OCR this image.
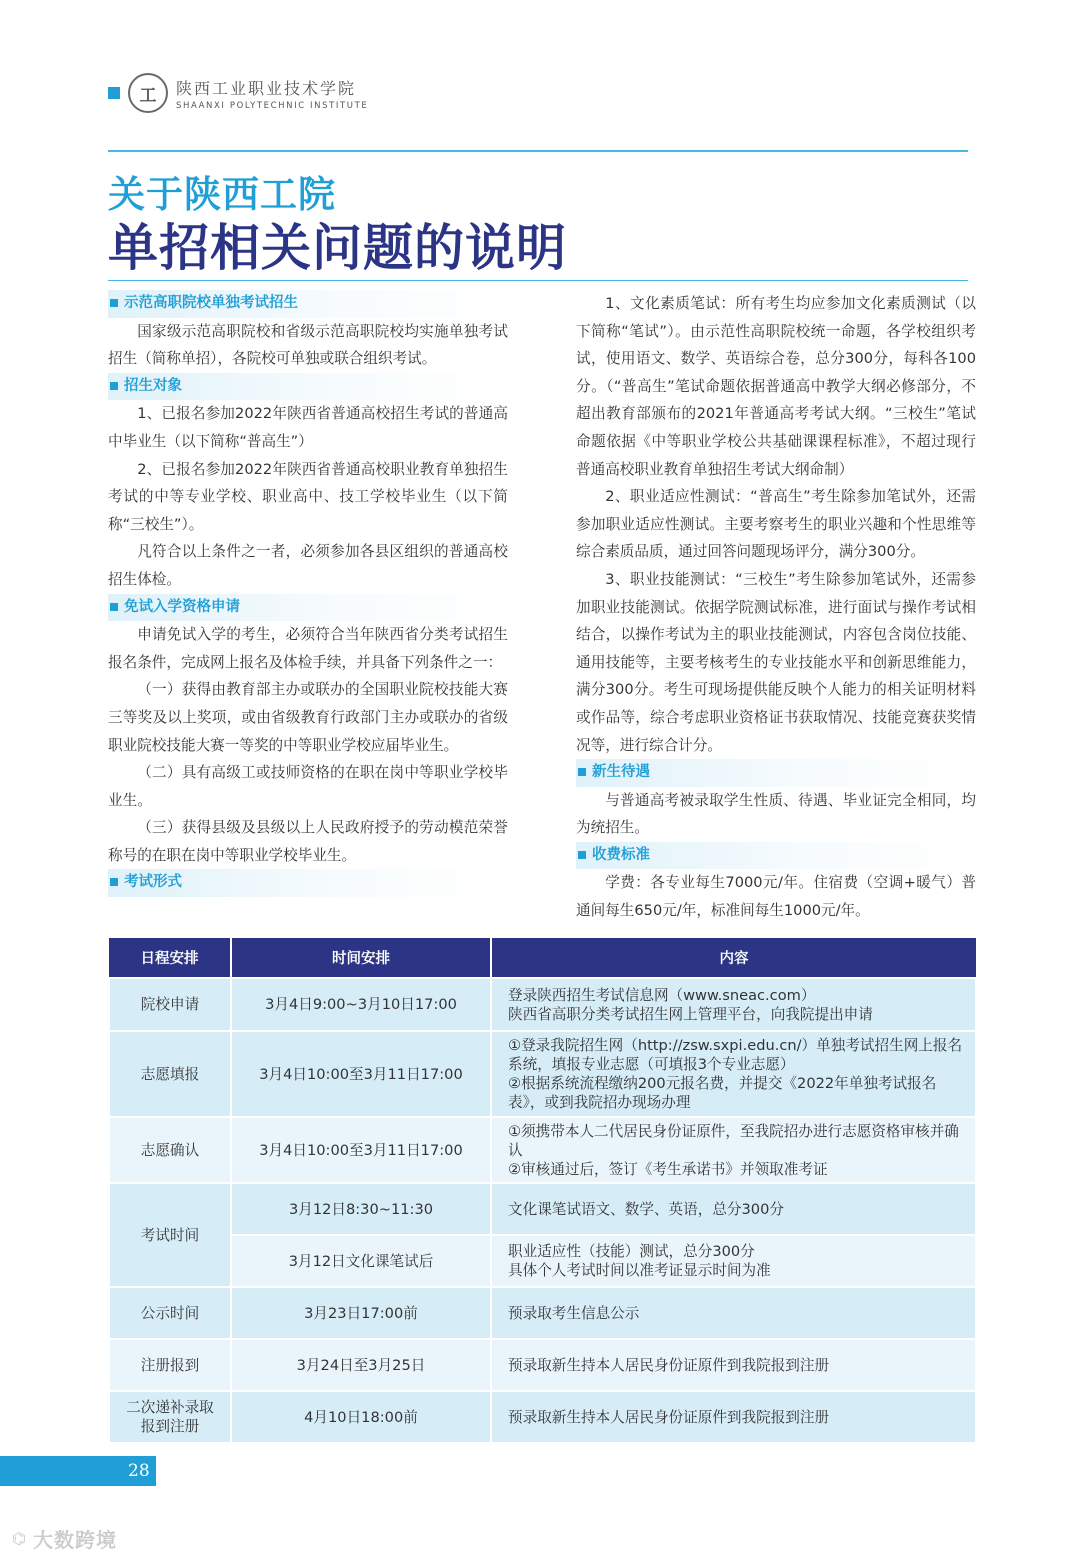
工 陕西工业职业技术学院
SHAANXI POLYTECHNIC INSTITUTE
关于陕西工院
单招相关问题的说明
示范高职院校单独考试招生

国家级示范高职院校和省级示范高职院校均实施单独考试招生（简称单招），各院校可单独或联合组织考试。

招生对象

1、已报名参加2022年陕西省普通高校招生考试的普通高中毕业生（以下简称“普高生”）

2、已报名参加2022年陕西省普通高校职业教育单独招生考试的中等专业学校、职业高中、技工学校毕业生（以下简称“三校生”）。

凡符合以上条件之一者，必须参加各县区组织的普通高校招生体检。

免试入学资格申请

申请免试入学的考生，必须符合当年陕西省分类考试招生报名条件，完成网上报名及体检手续，并具备下列条件之一：

（一）获得由教育部主办或联办的全国职业院校技能大赛三等奖及以上奖项，或由省级教育行政部门主办或联办的省级职业院校技能大赛一等奖的中等职业学校应届毕业生。

（二）具有高级工或技师资格的在职在岗中等职业学校毕业生。

（三）获得县级及县级以上人民政府授予的劳动模范荣誉称号的在职在岗中等职业学校毕业生。

考试形式

1、文化素质笔试：所有考生均应参加文化素质测试（以下简称“笔试”）。由示范性高职院校统一命题，各学校组织考试，使用语文、数学、英语综合卷，总分300分，每科各100分。（“普高生”笔试命题依据普通高中教学大纲必修部分，不超出教育部颁布的2021年普通高考考试大纲。“三校生”笔试命题依据《中等职业学校公共基础课课程标准》，不超过现行普通高校职业教育单独招生考试大纲命制）

2、职业适应性测试：“普高生”考生除参加笔试外，还需参加职业适应性测试。主要考察考生的职业兴趣和个性思维等综合素质品质，通过回答问题现场评分，满分300分。

3、职业技能测试：“三校生”考生除参加笔试外，还需参加职业技能测试。依据学院测试标准，进行面试与操作考试相结合，以操作考试为主的职业技能测试，内容包含岗位技能、通用技能等，主要考核考生的专业技能水平和创新思维能力，满分300分。考生可现场提供能反映个人能力的相关证明材料或作品等，综合考虑职业资格证书获取情况、技能竞赛获奖情况等，进行综合计分。

新生待遇

与普通高考被录取学生性质、待遇、毕业证完全相同，均为统招生。

收费标准

学费：各专业每生7000元/年。住宿费（空调+暖气）普通间每生650元/年，标准间每生1000元/年。

日程安排	时间安排	内容
院校申请	3月4日9:00~3月10日17:00	登录陕西招生考试信息网（www.sneac.com）
陕西省高职分类考试招生网上管理平台，向我院提出申请

志愿填报	3月4日10:00至3月11日17:00	①登录我院招生网（http://zsw.sxpi.edu.cn/）单独考试招生网上报名系统，填报专业志愿（可填报3个专业志愿）
②根据系统流程缴纳200元报名费，并提交《2022年单独考试报名表》，或到我院招办现场办理

志愿确认	3月4日10:00至3月11日17:00	①须携带本人二代居民身份证原件，至我院招办进行志愿资格审核并确认
②审核通过后，签订《考生承诺书》并领取准考证

考试时间	3月12日8:30~11:30	文化课笔试语文、数学、英语，总分300分

	3月12日文化课笔试后	职业适应性（技能）测试，总分300分
具体个人考试时间以准考证显示时间为准

公示时间	3月23日17:00前	预录取考生信息公示

注册报到	3月24日至3月25日	预录取新生持本人居民身份证原件到我院报到注册

二次递补录取报到注册	4月10日18:00前	预录取新生持本人居民身份证原件到我院报到注册
28
⌬ 大数跨境
